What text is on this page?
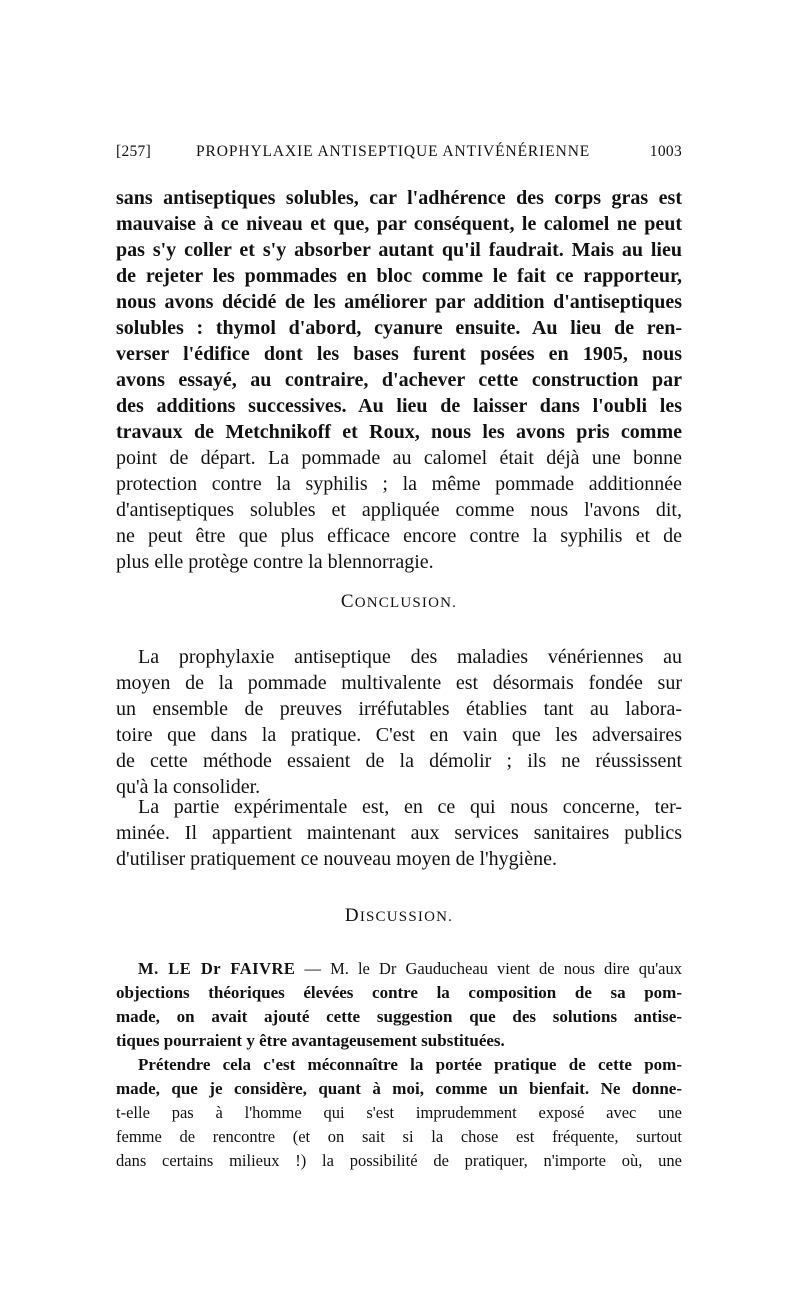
[257]	PROPHYLAXIE ANTISEPTIQUE ANTIVÉNÉRIENNE	1003
sans antiseptiques solubles, car l'adhérence des corps gras est
mauvaise à ce niveau et que, par conséquent, le calomel ne peut
pas s'y coller et s'y absorber autant qu'il faudrait. Mais au lieu
de rejeter les pommades en bloc comme le fait ce rapporteur,
nous avons décidé de les améliorer par addition d'antiseptiques
solubles : thymol d'abord, cyanure ensuite. Au lieu de ren-
verser l'édifice dont les bases furent posées en 1905, nous
avons essayé, au contraire, d'achever cette construction par
des additions successives. Au lieu de laisser dans l'oubli les
travaux de Metchnikoff et Roux, nous les avons pris comme
point de départ. La pommade au calomel était déjà une bonne
protection contre la syphilis ; la même pommade additionnée
d'antiseptiques solubles et appliquée comme nous l'avons dit,
ne peut être que plus efficace encore contre la syphilis et de
plus elle protège contre la blennorragie.
CONCLUSION.
La prophylaxie antiseptique des maladies vénériennes au
moyen de la pommade multivalente est désormais fondée sur
un ensemble de preuves irréfutables établies tant au labora-
toire que dans la pratique. C'est en vain que les adversaires
de cette méthode essaient de la démolir ; ils ne réussissent
qu'à la consolider.
La partie expérimentale est, en ce qui nous concerne, ter-
minée. Il appartient maintenant aux services sanitaires publics
d'utiliser pratiquement ce nouveau moyen de l'hygiène.
DISCUSSION.
M. LE Dr FAIVRE — M. le Dr Gauducheau vient de nous dire qu'aux
objections théoriques élevées contre la composition de sa pom-
made, on avait ajouté cette suggestion que des solutions antise-
tiques pourraient y être avantageusement substituées.
Prétendre cela c'est méconnaître la portée pratique de cette pom-
made, que je considère, quant à moi, comme un bienfait. Ne donne-
t-elle pas à l'homme qui s'est imprudemment exposé avec une
femme de rencontre (et on sait si la chose est fréquente, surtout
dans certains milieux !) la possibilité de pratiquer, n'importe où, une
